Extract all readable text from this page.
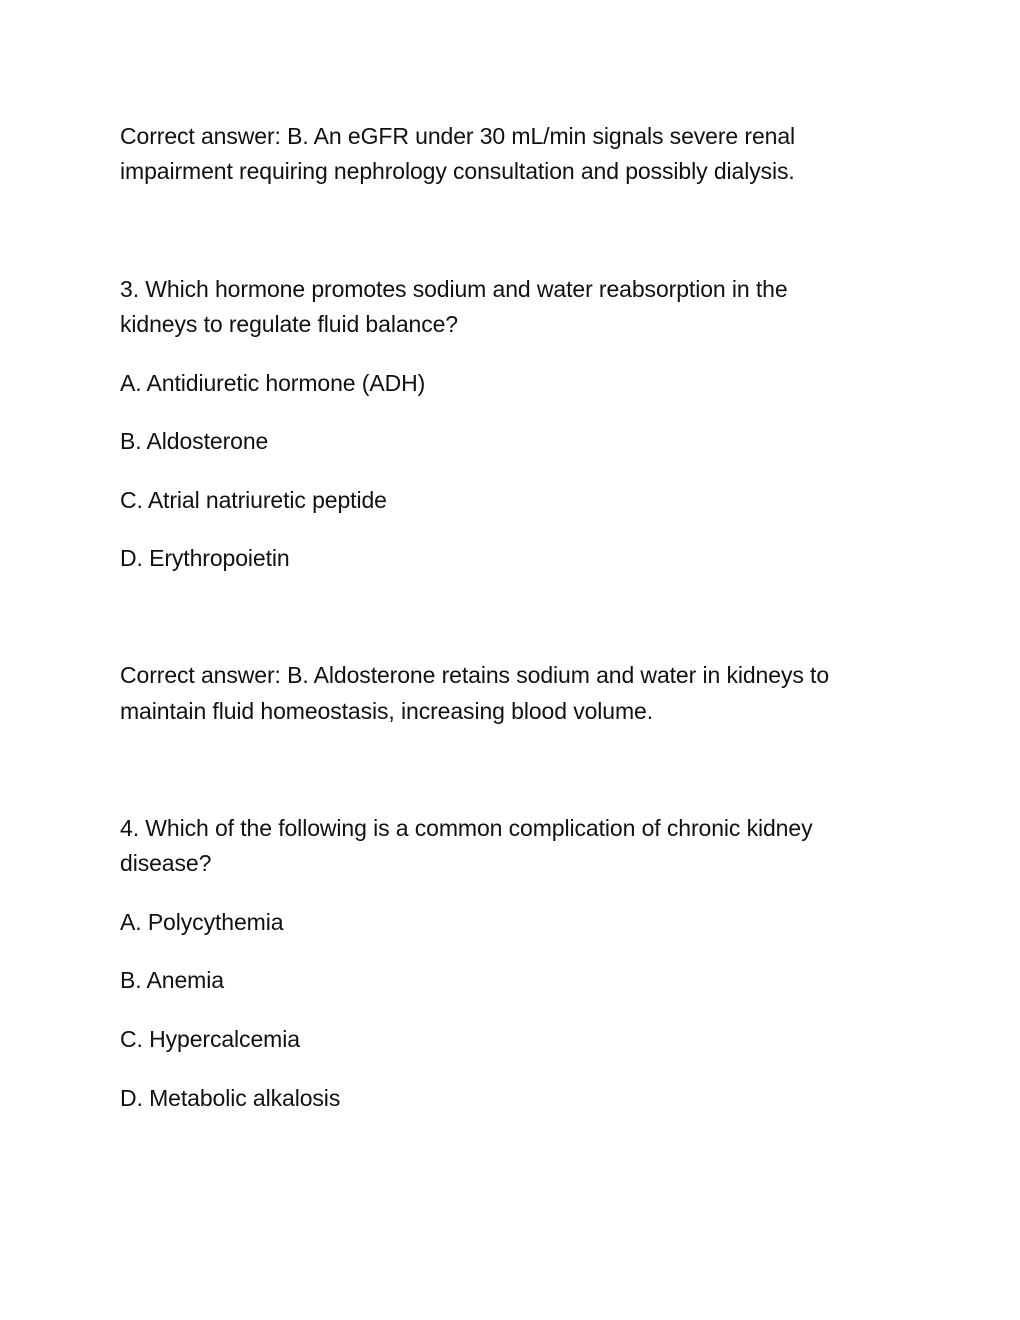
Correct answer: B. An eGFR under 30 mL/min signals severe renal

impairment requiring nephrology consultation and possibly dialysis.

3. Which hormone promotes sodium and water reabsorption in the

kidneys to regulate fluid balance?

A. Antidiuretic hormone (ADH)

B. Aldosterone

C. Atrial natriuretic peptide

D. Erythropoietin

Correct answer: B. Aldosterone retains sodium and water in kidneys to

maintain fluid homeostasis, increasing blood volume.

4. Which of the following is a common complication of chronic kidney

disease?

A. Polycythemia

B. Anemia

C. Hypercalcemia

D. Metabolic alkalosis
